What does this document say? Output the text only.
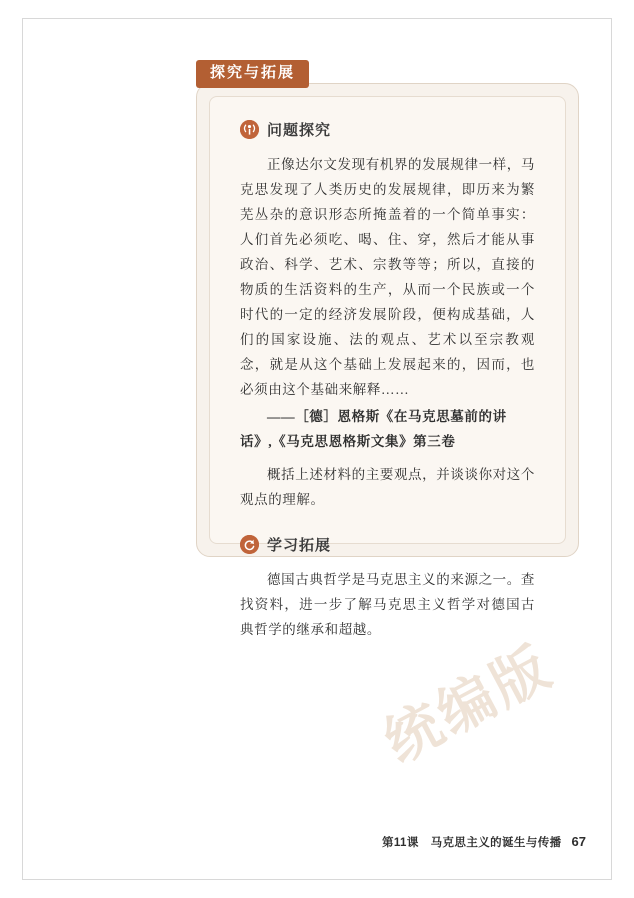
探究与拓展
问题探究

正像达尔文发现有机界的发展规律一样，马克思发现了人类历史的发展规律，即历来为繁芜丛杂的意识形态所掩盖着的一个简单事实：人们首先必须吃、喝、住、穿，然后才能从事政治、科学、艺术、宗教等等；所以，直接的物质的生活资料的生产，从而一个民族或一个时代的一定的经济发展阶段，便构成基础，人们的国家设施、法的观点、艺术以至宗教观念，就是从这个基础上发展起来的，因而，也必须由这个基础来解释……

——［德］恩格斯《在马克思墓前的讲话》,《马克思恩格斯文集》第三卷

概括上述材料的主要观点，并谈谈你对这个观点的理解。

学习拓展

德国古典哲学是马克思主义的来源之一。查找资料，进一步了解马克思主义哲学对德国古典哲学的继承和超越。

统编版
第11课　马克思主义的诞生与传播 67
